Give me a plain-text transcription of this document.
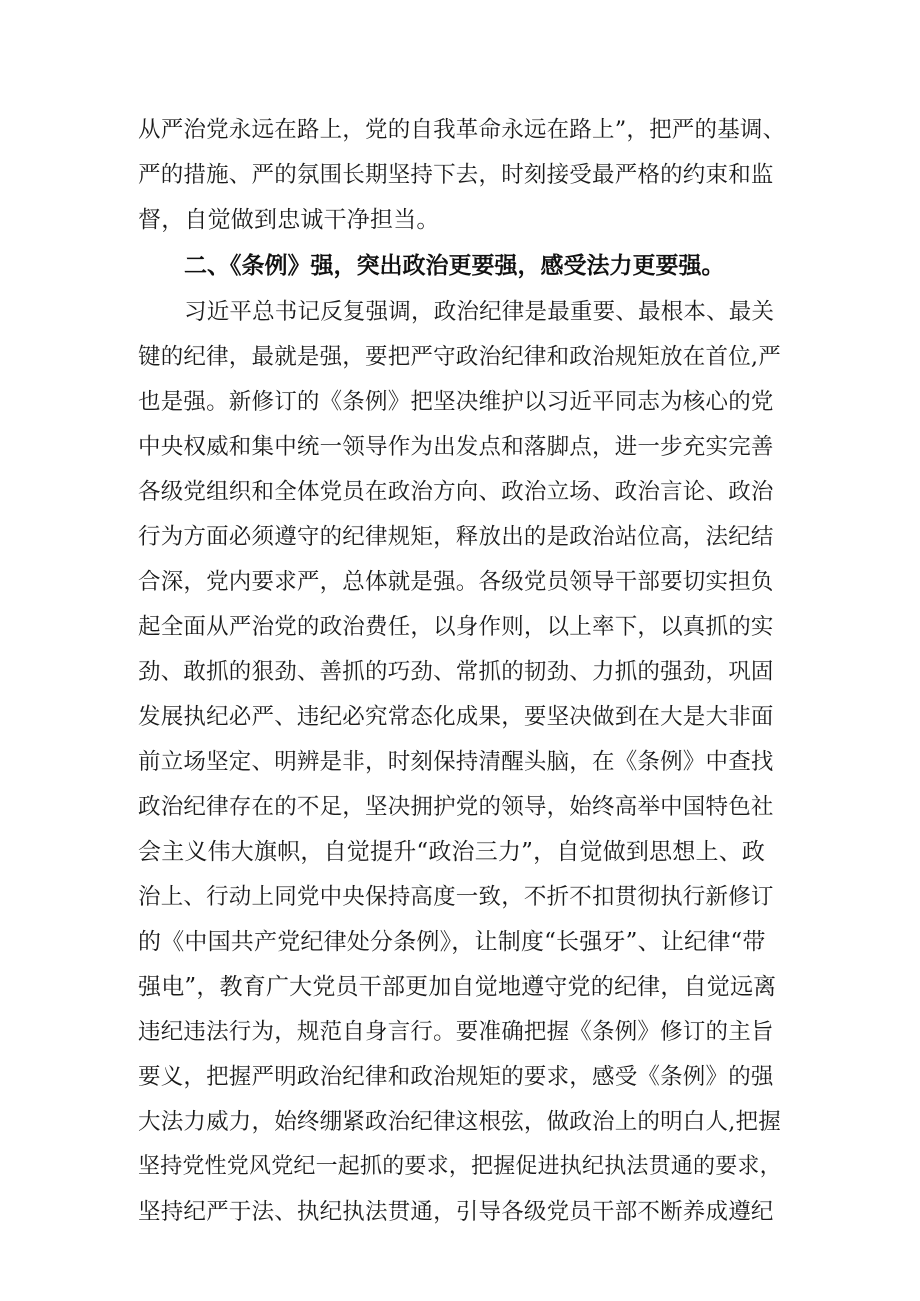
从严治党永远在路上，党的自我革命永远在路上”，把严的基调、
严的措施、严的氛围长期坚持下去，时刻接受最严格的约束和监
督，自觉做到忠诚干净担当。
二、《条例》强，突出政治更要强，感受法力更要强。
习近平总书记反复强调，政治纪律是最重要、最根本、最关
键的纪律，最就是强，要把严守政治纪律和政治规矩放在首位,严
也是强。新修订的《条例》把坚决维护以习近平同志为核心的党
中央权威和集中统一领导作为出发点和落脚点，进一步充实完善
各级党组织和全体党员在政治方向、政治立场、政治言论、政治
行为方面必须遵守的纪律规矩，释放出的是政治站位高，法纪结
合深，党内要求严，总体就是强。各级党员领导干部要切实担负
起全面从严治党的政治费任，以身作则，以上率下，以真抓的实
劲、敢抓的狠劲、善抓的巧劲、常抓的韧劲、力抓的强劲，巩固
发展执纪必严、违纪必究常态化成果，要坚决做到在大是大非面
前立场坚定、明辨是非，时刻保持清醒头脑，在《条例》中查找
政治纪律存在的不足，坚决拥护党的领导，始终高举中国特色社
会主义伟大旗帜，自觉提升“政治三力”，自觉做到思想上、政
治上、行动上同党中央保持高度一致，不折不扣贯彻执行新修订
的《中国共产党纪律处分条例》，让制度“长强牙”、让纪律“带
强电”，教育广大党员干部更加自觉地遵守党的纪律，自觉远离
违纪违法行为，规范自身言行。要准确把握《条例》修订的主旨
要义，把握严明政治纪律和政治规矩的要求，感受《条例》的强
大法力威力，始终绷紧政治纪律这根弦，做政治上的明白人,把握
坚持党性党风党纪一起抓的要求，把握促进执纪执法贯通的要求，
坚持纪严于法、执纪执法贯通，引导各级党员干部不断养成遵纪
